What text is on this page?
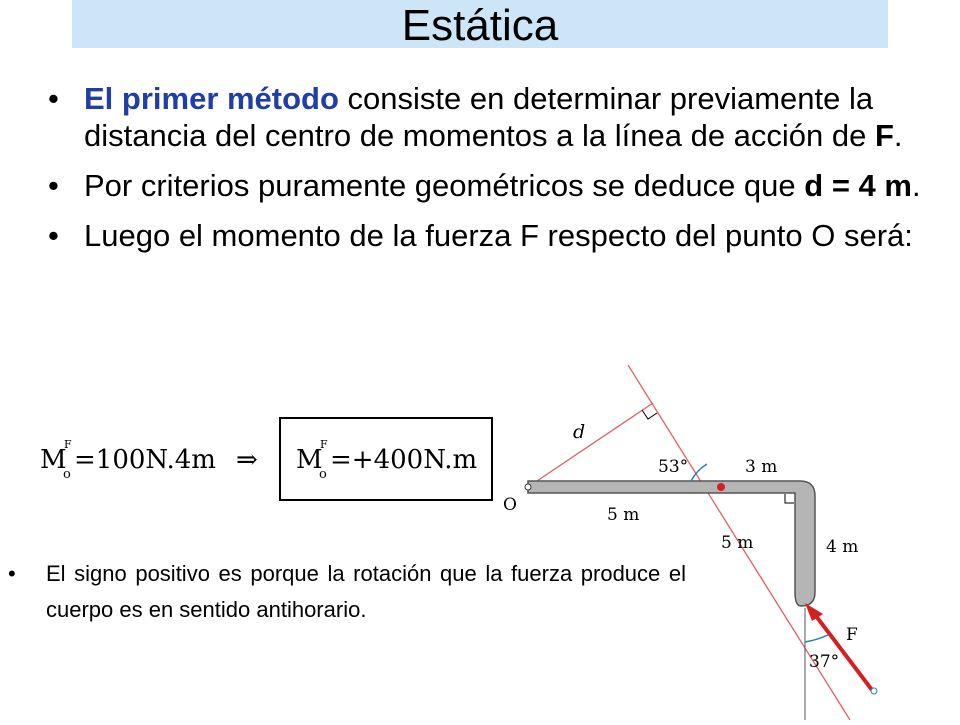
Estática
• El primer método consiste en determinar previamente la distancia del centro de momentos a la línea de acción de F.
• Por criterios puramente geométricos se deduce que d = 4 m.
• Luego el momento de la fuerza F respecto del punto O será:
M
F
o =100N.4m ⇒ M
F
o =+400N.m
• El signo positivo es porque la rotación que la fuerza produce el cuerpo es en sentido antihorario.
d
53°	3 m
O	5 m
5 m	4 m
F
37°
